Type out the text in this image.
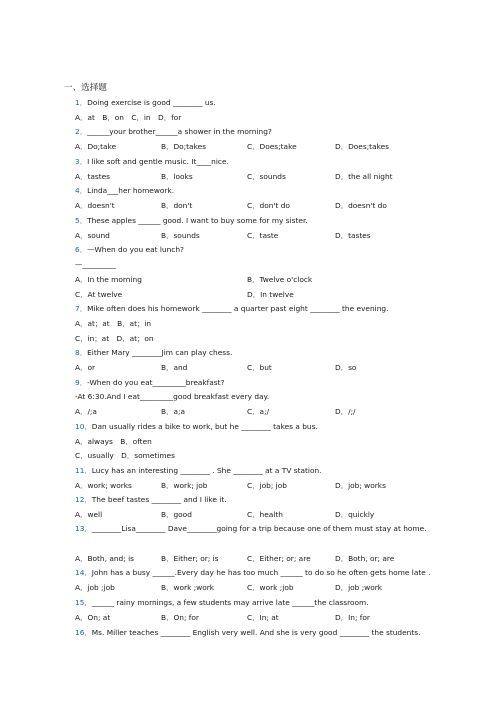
一、选择题
1．Doing exercise is good ________ us.
A．at　B．on　C．in　D．for
2．______your brother______a shower in the morning?
A．Do;take	B．Do;takes	C．Does;take	D．Does;takes
3．I like soft and gentle music. It____nice.
A．tastes	B．looks	C．sounds	D．the all night
4．Linda___her homework.
A．doesn't	B．don't	C．don't do	D．doesn't do
5．These apples ______ good. I want to buy some for my sister.
A．sound	B．sounds	C．taste	D．tastes
6．—When do you eat lunch?
—_________
A．In the morning	B．Twelve o'clock
C．At twelve	D．In twelve
7．Mike often does his homework ________ a quarter past eight ________ the evening.
A．at；at　B．at；in
C．in；at　D．at；on
8．Either Mary ________Jim can play chess.
A．or	B．and	C．but	D．so
9．-When do you eat_________breakfast?
-At 6:30.And I eat_________good breakfast every day.
A．/;a	B．a;a	C．a;/	D．/;/
10．Dan usually rides a bike to work, but he ________ takes a bus.
A．always　B．often
C．usually　D．sometimes
11．Lucy has an interesting ________ . She ________ at a TV station.
A．work; works	B．work; job	C．job; job	D．job; works
12．The beef tastes ________ and I like it.
A．well	B．good	C．health	D．quickly
13．________Lisa________ Dave________going for a trip because one of them must stay at home.
A．Both, and; is	B．Either; or; is	C．Either; or; are	D．Both, or; are
14．John has a busy ______.Every day he has too much ______ to do so he often gets home late .
A．job ;job	B．work ;work	C．work ;job	D．job ;work
15．______ rainy mornings, a few students may arrive late ______the classroom.
A．On; at	B．On; for	C．In; at	D．In; for
16．Ms. Miller teaches ________ English very well. And she is very good ________ the students.
